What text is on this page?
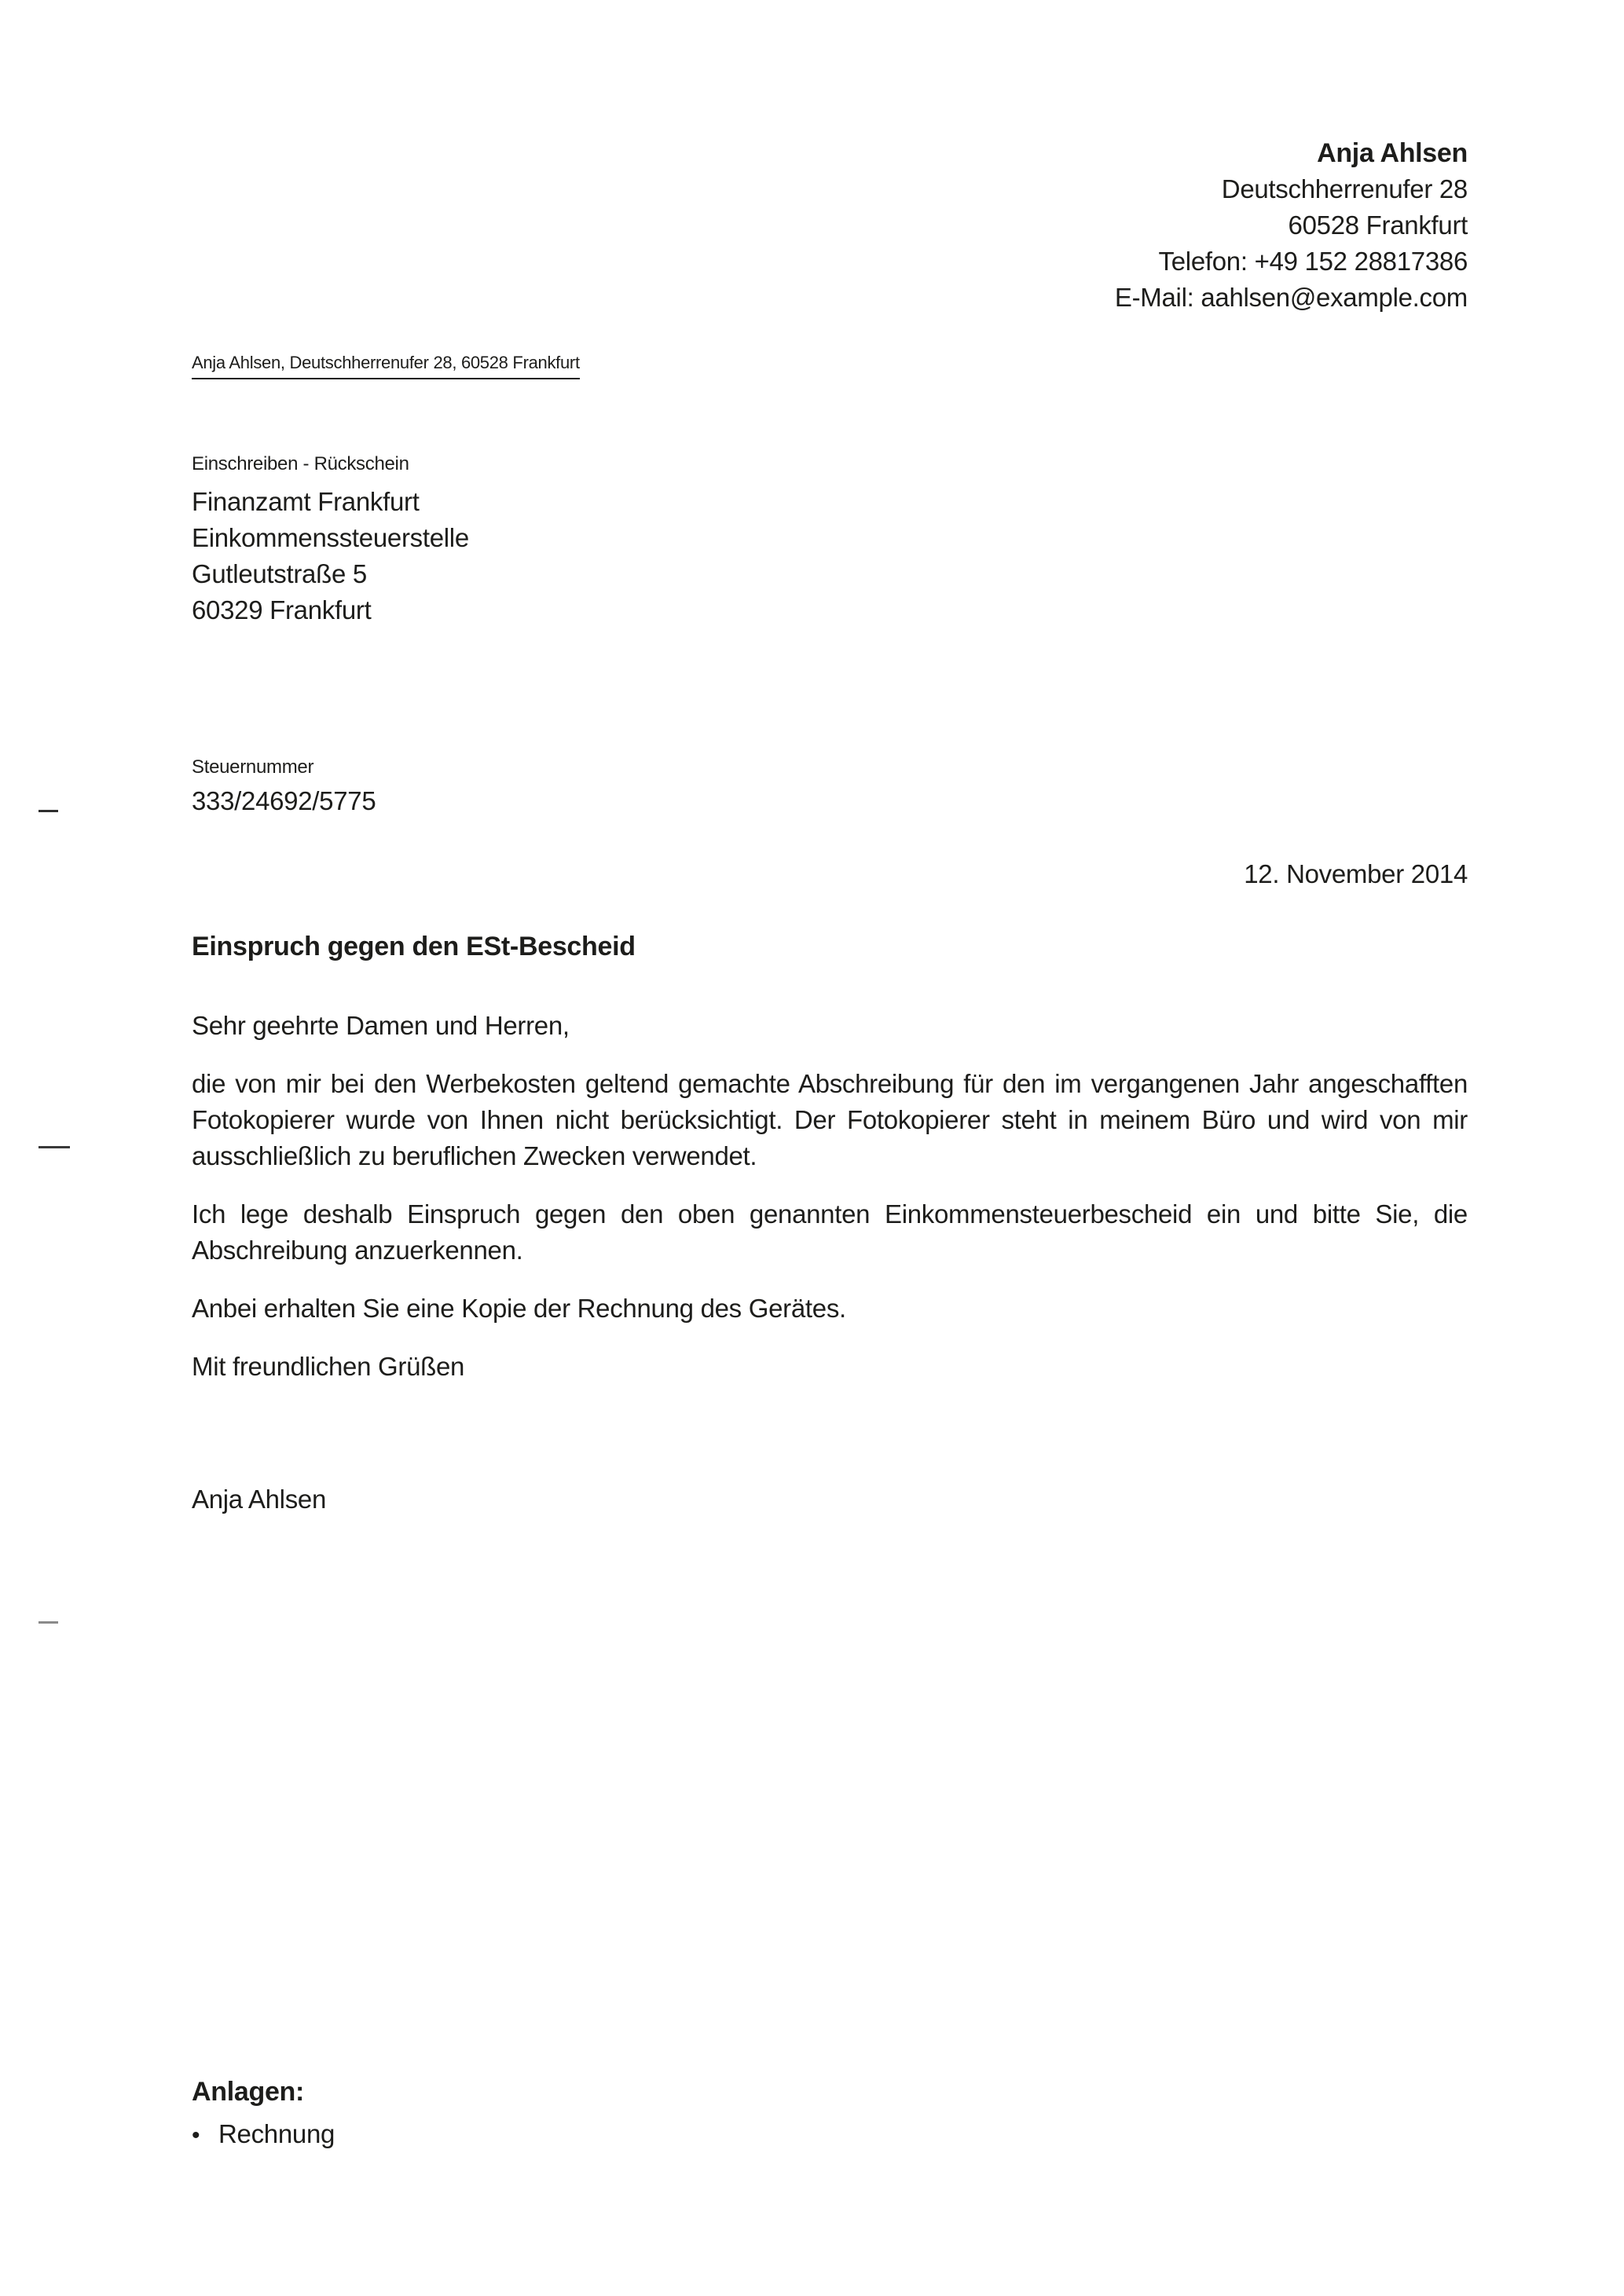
Anja Ahlsen
Deutschherrenufer 28
60528 Frankfurt
Telefon: +49 152 28817386
E-Mail: aahlsen@example.com
Anja Ahlsen, Deutschherrenufer 28, 60528 Frankfurt
Einschreiben - Rückschein
Finanzamt Frankfurt
Einkommenssteuerstelle
Gutleutstraße 5
60329 Frankfurt
Steuernummer
333/24692/5775
12. November 2014
Einspruch gegen den ESt-Bescheid

Sehr geehrte Damen und Herren,

die von mir bei den Werbekosten geltend gemachte Abschreibung für den im vergangenen Jahr angeschafften Fotokopierer wurde von Ihnen nicht berücksichtigt. Der Fotokopierer steht in meinem Büro und wird von mir ausschließlich zu beruflichen Zwecken verwendet.

Ich lege deshalb Einspruch gegen den oben genannten Einkommensteuerbescheid ein und bitte Sie, die Abschreibung anzuerkennen.

Anbei erhalten Sie eine Kopie der Rechnung des Gerätes.

Mit freundlichen Grüßen

Anja Ahlsen
Anlagen:
• Rechnung
